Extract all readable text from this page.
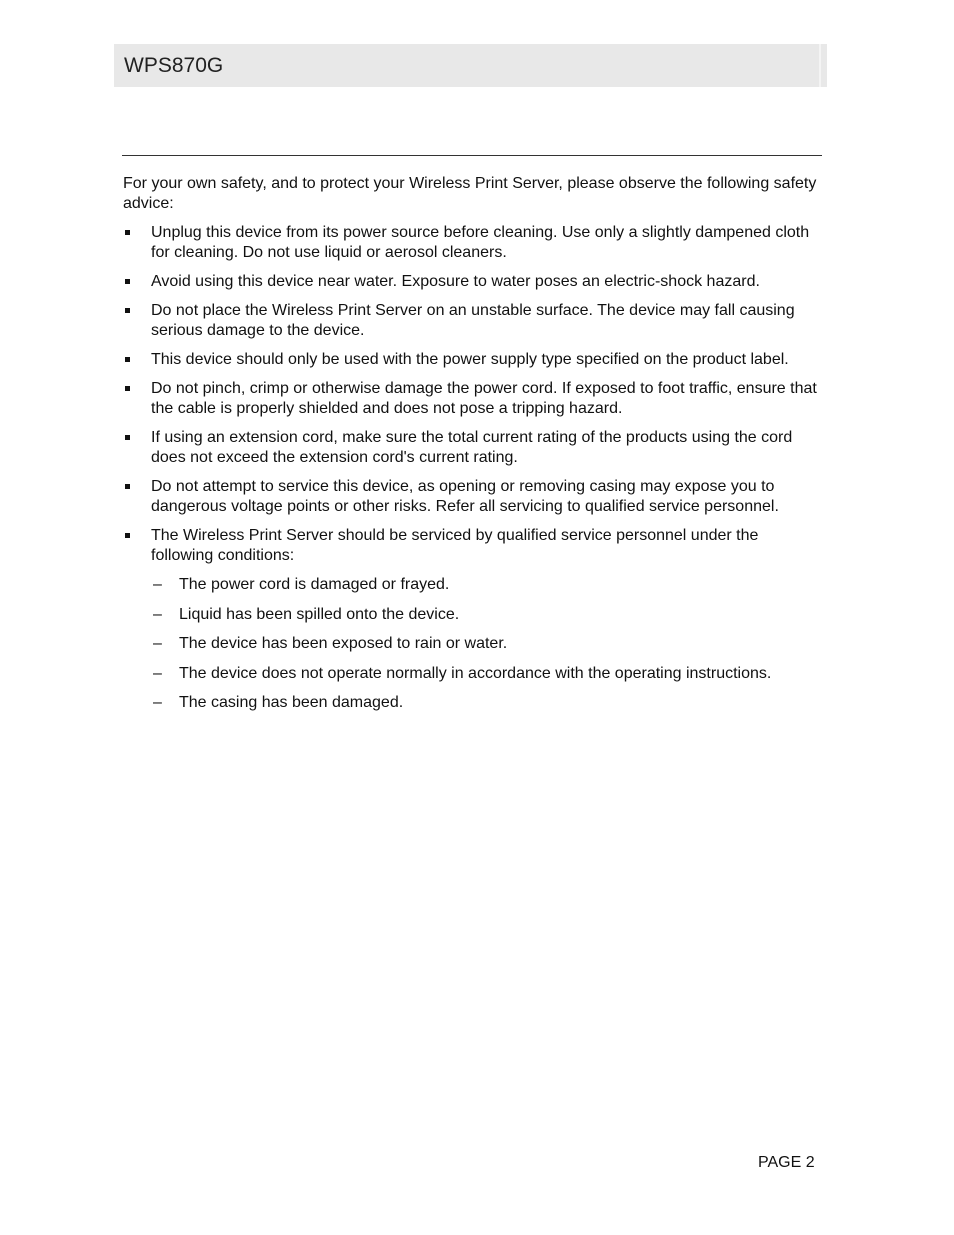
WPS870G

For your own safety, and to protect your Wireless Print Server, please observe the following safety advice:

Unplug this device from its power source before cleaning. Use only a slightly dampened cloth for cleaning. Do not use liquid or aerosol cleaners.
Avoid using this device near water. Exposure to water poses an electric-shock hazard.
Do not place the Wireless Print Server on an unstable surface. The device may fall causing serious damage to the device.
This device should only be used with the power supply type specified on the product label.
Do not pinch, crimp or otherwise damage the power cord. If exposed to foot traffic, ensure that the cable is properly shielded and does not pose a tripping hazard.
If using an extension cord, make sure the total current rating of the products using the cord does not exceed the extension cord's current rating.
Do not attempt to service this device, as opening or removing casing may expose you to dangerous voltage points or other risks. Refer all servicing to qualified service personnel.
The Wireless Print Server should be serviced by qualified service personnel under the following conditions:
– The power cord is damaged or frayed.
– Liquid has been spilled onto the device.
– The device has been exposed to rain or water.
– The device does not operate normally in accordance with the operating instructions.
– The casing has been damaged.
PAGE 2
